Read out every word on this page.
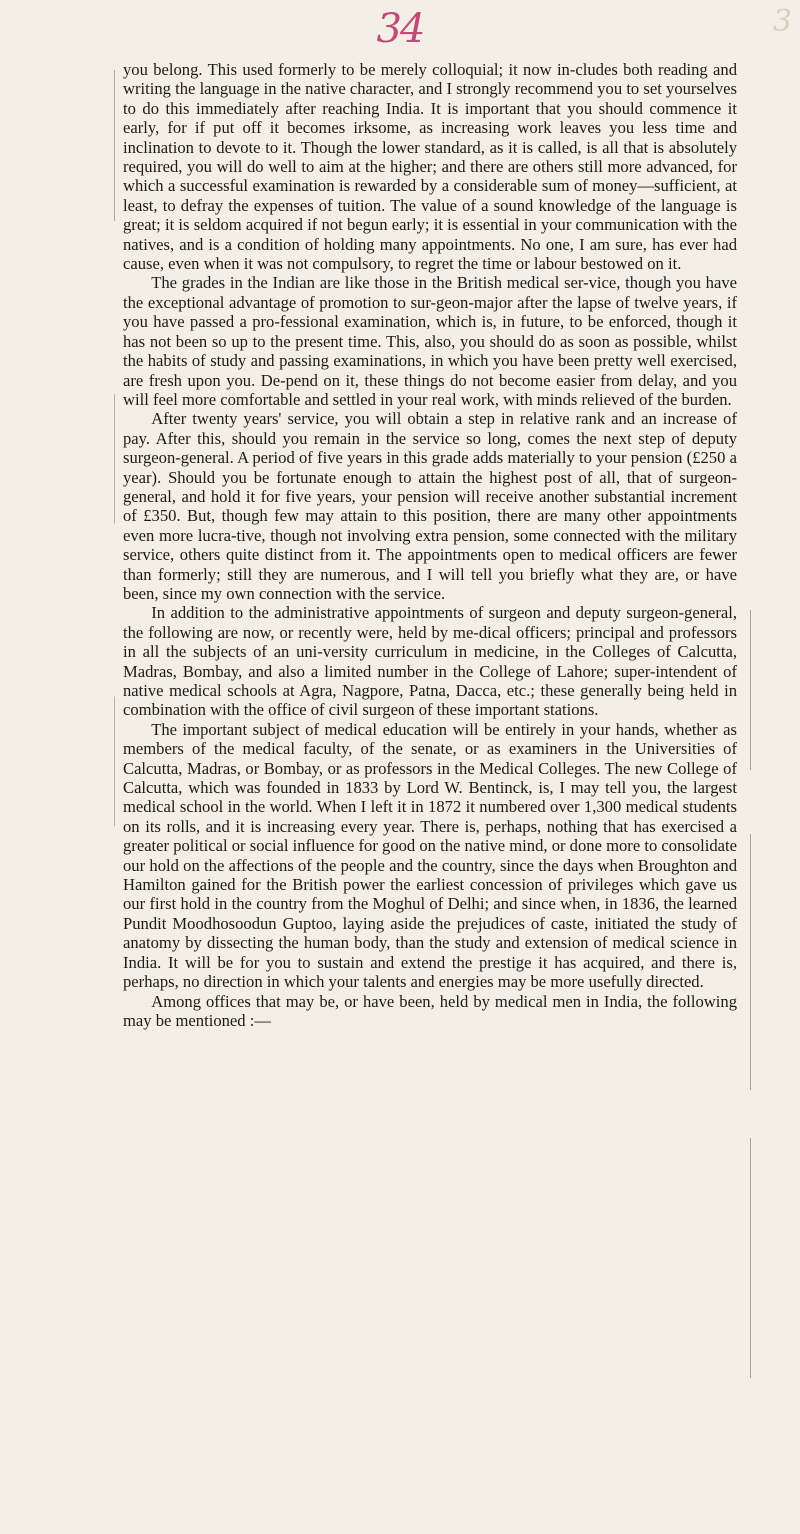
34	3

you belong. This used formerly to be merely colloquial; it now in-cludes both reading and writing the language in the native character, and I strongly recommend you to set yourselves to do this immediately after reaching India. It is important that you should commence it early, for if put off it becomes irksome, as increasing work leaves you less time and inclination to devote to it. Though the lower standard, as it is called, is all that is absolutely required, you will do well to aim at the higher; and there are others still more advanced, for which a successful examination is rewarded by a considerable sum of money—sufficient, at least, to defray the expenses of tuition. The value of a sound knowledge of the language is great; it is seldom acquired if not begun early; it is essential in your communication with the natives, and is a condition of holding many appointments. No one, I am sure, has ever had cause, even when it was not compulsory, to regret the time or labour bestowed on it.

The grades in the Indian are like those in the British medical ser-vice, though you have the exceptional advantage of promotion to sur-geon-major after the lapse of twelve years, if you have passed a pro-fessional examination, which is, in future, to be enforced, though it has not been so up to the present time. This, also, you should do as soon as possible, whilst the habits of study and passing examinations, in which you have been pretty well exercised, are fresh upon you. De-pend on it, these things do not become easier from delay, and you will feel more comfortable and settled in your real work, with minds relieved of the burden.

After twenty years' service, you will obtain a step in relative rank and an increase of pay. After this, should you remain in the service so long, comes the next step of deputy surgeon-general. A period of five years in this grade adds materially to your pension (£250 a year). Should you be fortunate enough to attain the highest post of all, that of surgeon-general, and hold it for five years, your pension will receive another substantial increment of £350. But, though few may attain to this position, there are many other appointments even more lucra-tive, though not involving extra pension, some connected with the military service, others quite distinct from it. The appointments open to medical officers are fewer than formerly; still they are numerous, and I will tell you briefly what they are, or have been, since my own connection with the service.

In addition to the administrative appointments of surgeon and deputy surgeon-general, the following are now, or recently were, held by me-dical officers; principal and professors in all the subjects of an uni-versity curriculum in medicine, in the Colleges of Calcutta, Madras, Bombay, and also a limited number in the College of Lahore; super-intendent of native medical schools at Agra, Nagpore, Patna, Dacca, etc.; these generally being held in combination with the office of civil surgeon of these important stations.

The important subject of medical education will be entirely in your hands, whether as members of the medical faculty, of the senate, or as examiners in the Universities of Calcutta, Madras, or Bombay, or as professors in the Medical Colleges. The new College of Calcutta, which was founded in 1833 by Lord W. Bentinck, is, I may tell you, the largest medical school in the world. When I left it in 1872 it numbered over 1,300 medical students on its rolls, and it is increasing every year. There is, perhaps, nothing that has exercised a greater political or social influence for good on the native mind, or done more to consolidate our hold on the affections of the people and the country, since the days when Broughton and Hamilton gained for the British power the earliest concession of privileges which gave us our first hold in the country from the Moghul of Delhi; and since when, in 1836, the learned Pundit Moodhosoodun Guptoo, laying aside the prejudices of caste, initiated the study of anatomy by dissecting the human body, than the study and extension of medical science in India. It will be for you to sustain and extend the prestige it has acquired, and there is, perhaps, no direction in which your talents and energies may be more usefully directed.

Among offices that may be, or have been, held by medical men in India, the following may be mentioned :—
